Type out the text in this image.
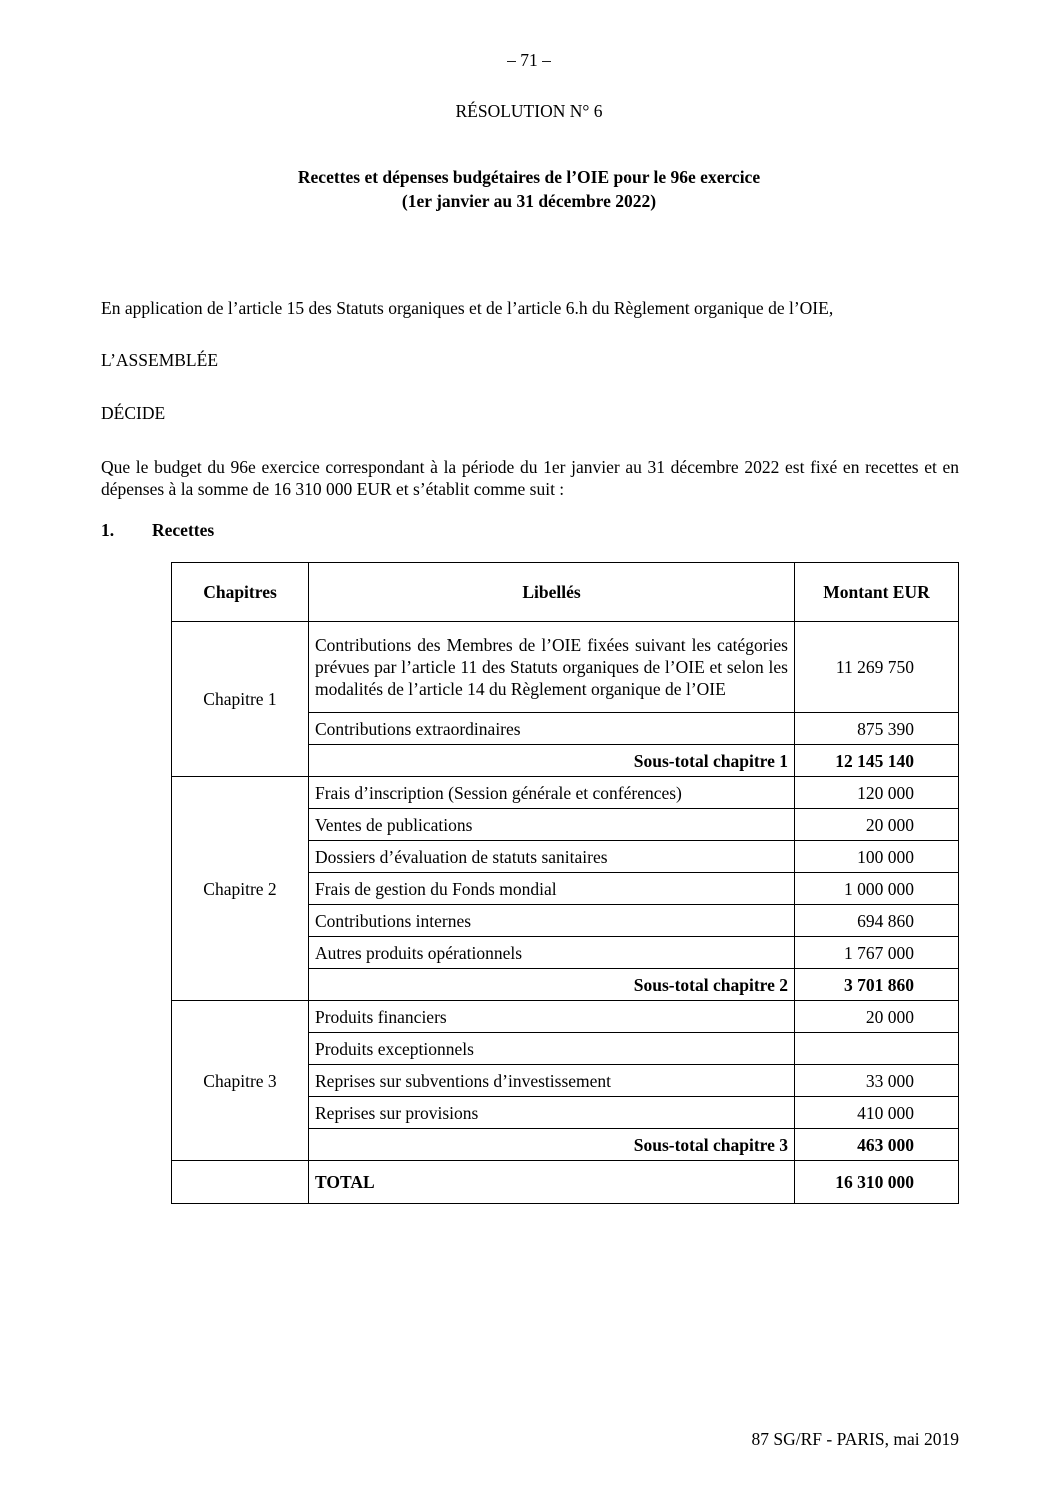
– 71 –
RÉSOLUTION N° 6
Recettes et dépenses budgétaires de l’OIE pour le 96e exercice
(1er janvier au 31 décembre 2022)
En application de l’article 15 des Statuts organiques et de l’article 6.h du Règlement organique de l’OIE,
L’ASSEMBLÉE
DÉCIDE
Que le budget du 96e exercice correspondant à la période du 1er janvier au 31 décembre 2022 est fixé en recettes et en dépenses à la somme de 16 310 000 EUR et s’établit comme suit :
1. Recettes
Chapitres	Libellés	Montant EUR
Chapitre 1	Contributions des Membres de l’OIE fixées suivant les catégories prévues par l’article 11 des Statuts organiques de l’OIE et selon les modalités de l’article 14 du Règlement organique de l’OIE	11 269 750
	Contributions extraordinaires	875 390
	Sous-total chapitre 1	12 145 140
Chapitre 2	Frais d’inscription (Session générale et conférences)	120 000
	Ventes de publications	20 000
	Dossiers d’évaluation de statuts sanitaires	100 000
	Frais de gestion du Fonds mondial	1 000 000
	Contributions internes	694 860
	Autres produits opérationnels	1 767 000
	Sous-total chapitre 2	3 701 860
Chapitre 3	Produits financiers	20 000
	Produits exceptionnels	
	Reprises sur subventions d’investissement	33 000
	Reprises sur provisions	410 000
	Sous-total chapitre 3	463 000
	TOTAL	16 310 000
87 SG/RF - PARIS, mai 2019
